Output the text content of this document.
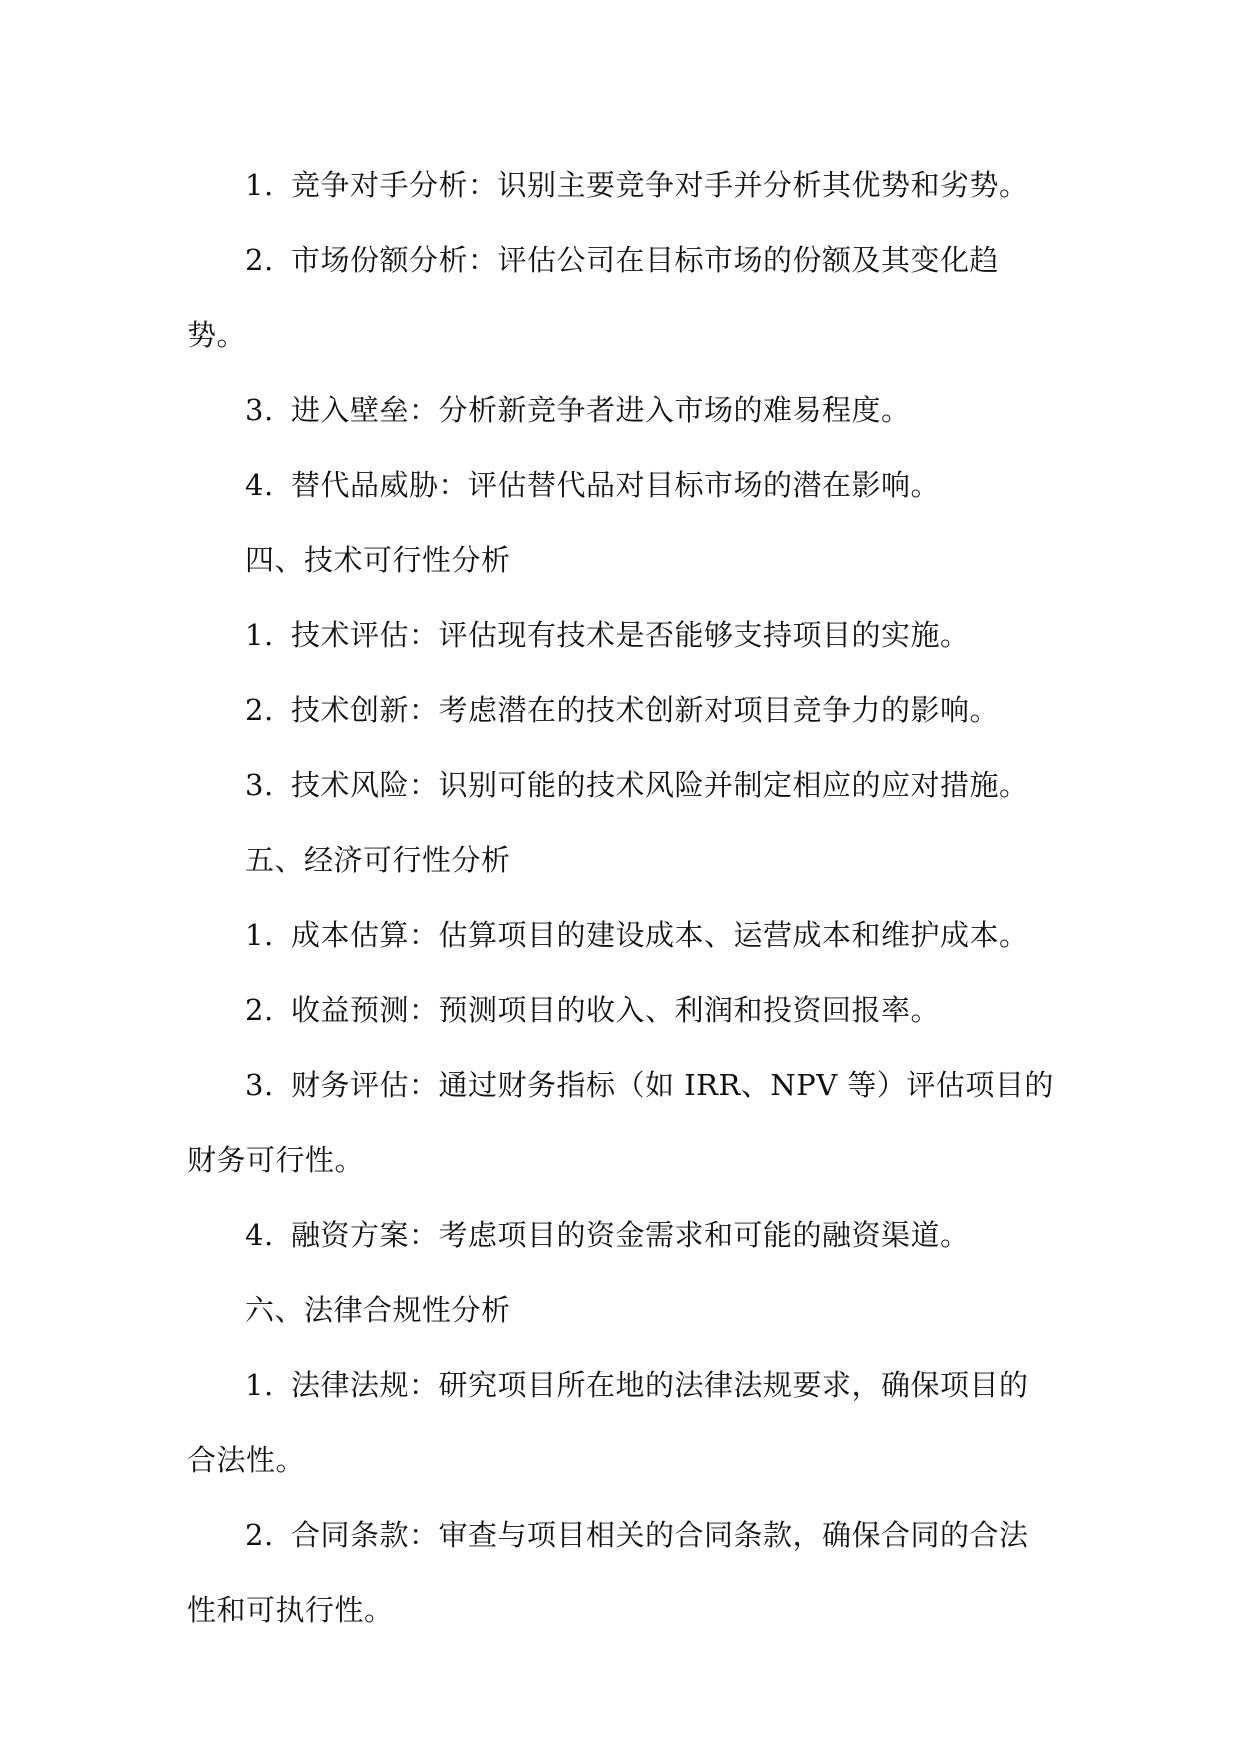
1. 竞争对手分析：识别主要竞争对手并分析其优势和劣势。

2. 市场份额分析：评估公司在目标市场的份额及其变化趋势。

3. 进入壁垒：分析新竞争者进入市场的难易程度。

4. 替代品威胁：评估替代品对目标市场的潜在影响。

四、技术可行性分析

1. 技术评估：评估现有技术是否能够支持项目的实施。

2. 技术创新：考虑潜在的技术创新对项目竞争力的影响。

3. 技术风险：识别可能的技术风险并制定相应的应对措施。

五、经济可行性分析

1. 成本估算：估算项目的建设成本、运营成本和维护成本。

2. 收益预测：预测项目的收入、利润和投资回报率。

3. 财务评估：通过财务指标（如 IRR、NPV 等）评估项目的财务可行性。

4. 融资方案：考虑项目的资金需求和可能的融资渠道。

六、法律合规性分析

1. 法律法规：研究项目所在地的法律法规要求，确保项目的合法性。

2. 合同条款：审查与项目相关的合同条款，确保合同的合法性和可执行性。
